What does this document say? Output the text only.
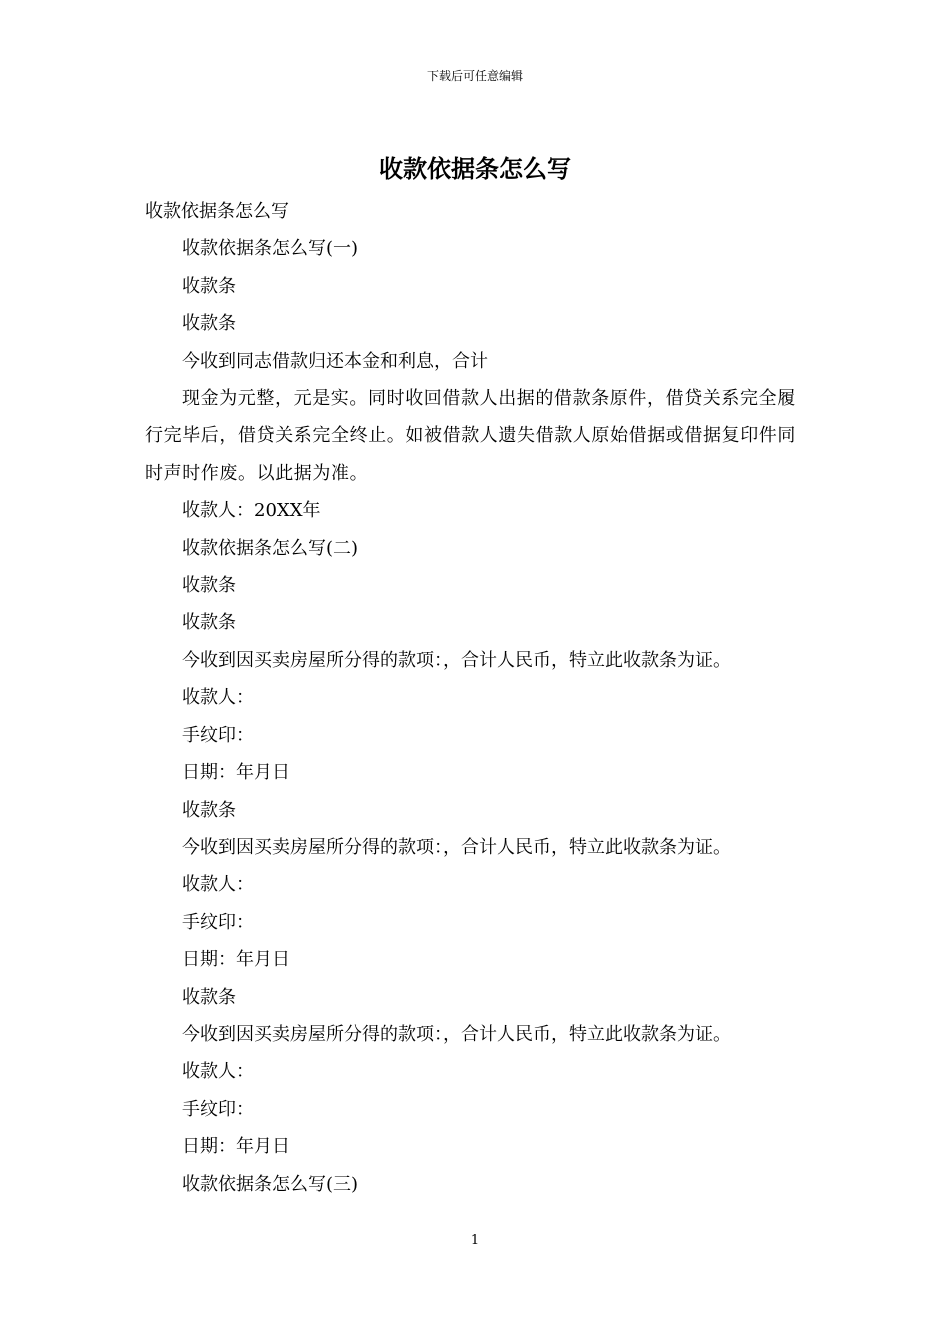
下载后可任意编辑
收款依据条怎么写

收款依据条怎么写

收款依据条怎么写(一)

收款条

收款条

今收到同志借款归还本金和利息，合计

现金为元整，元是实。同时收回借款人出据的借款条原件，借贷关系完全履行完毕后，借贷关系完全终止。如被借款人遗失借款人原始借据或借据复印件同时声时作废。以此据为准。

收款人：20XX年

收款依据条怎么写(二)

收款条

收款条

今收到因买卖房屋所分得的款项：，合计人民币，特立此收款条为证。

收款人：

手纹印：

日期：年月日

收款条

今收到因买卖房屋所分得的款项：，合计人民币，特立此收款条为证。

收款人：

手纹印：

日期：年月日

收款条

今收到因买卖房屋所分得的款项：，合计人民币，特立此收款条为证。

收款人：

手纹印：

日期：年月日

收款依据条怎么写(三)

1
